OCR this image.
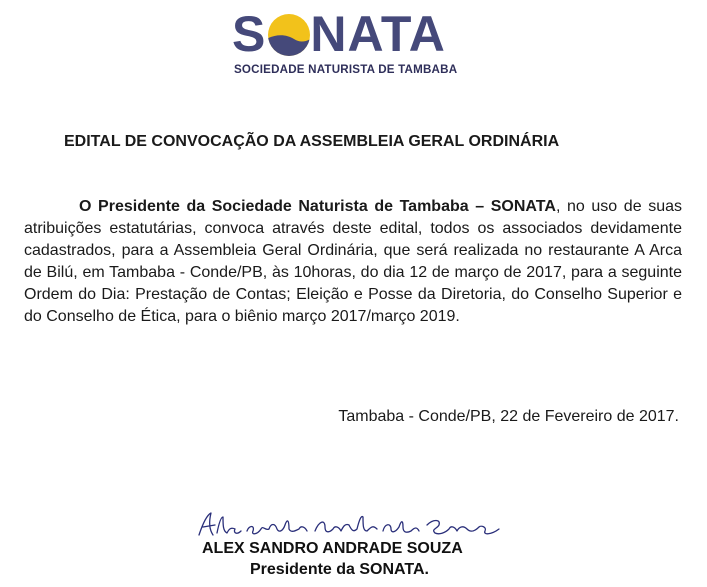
S NATA
SOCIEDADE NATURISTA DE TAMBABA
EDITAL DE CONVOCAÇÃO DA ASSEMBLEIA GERAL ORDINÁRIA

O Presidente da Sociedade Naturista de Tambaba – SONATA, no uso de suas atribuições estatutárias, convoca através deste edital, todos os associados devidamente cadastrados, para a Assembleia Geral Ordinária, que será realizada no restaurante A Arca de Bilú, em Tambaba - Conde/PB, às 10horas, do dia 12 de março de 2017, para a seguinte Ordem do Dia: Prestação de Contas; Eleição e Posse da Diretoria, do Conselho Superior e do Conselho de Ética, para o biênio março 2017/março 2019.

Tambaba - Conde/PB, 22 de Fevereiro de 2017.
ALEX SANDRO ANDRADE SOUZA
Presidente da SONATA.
